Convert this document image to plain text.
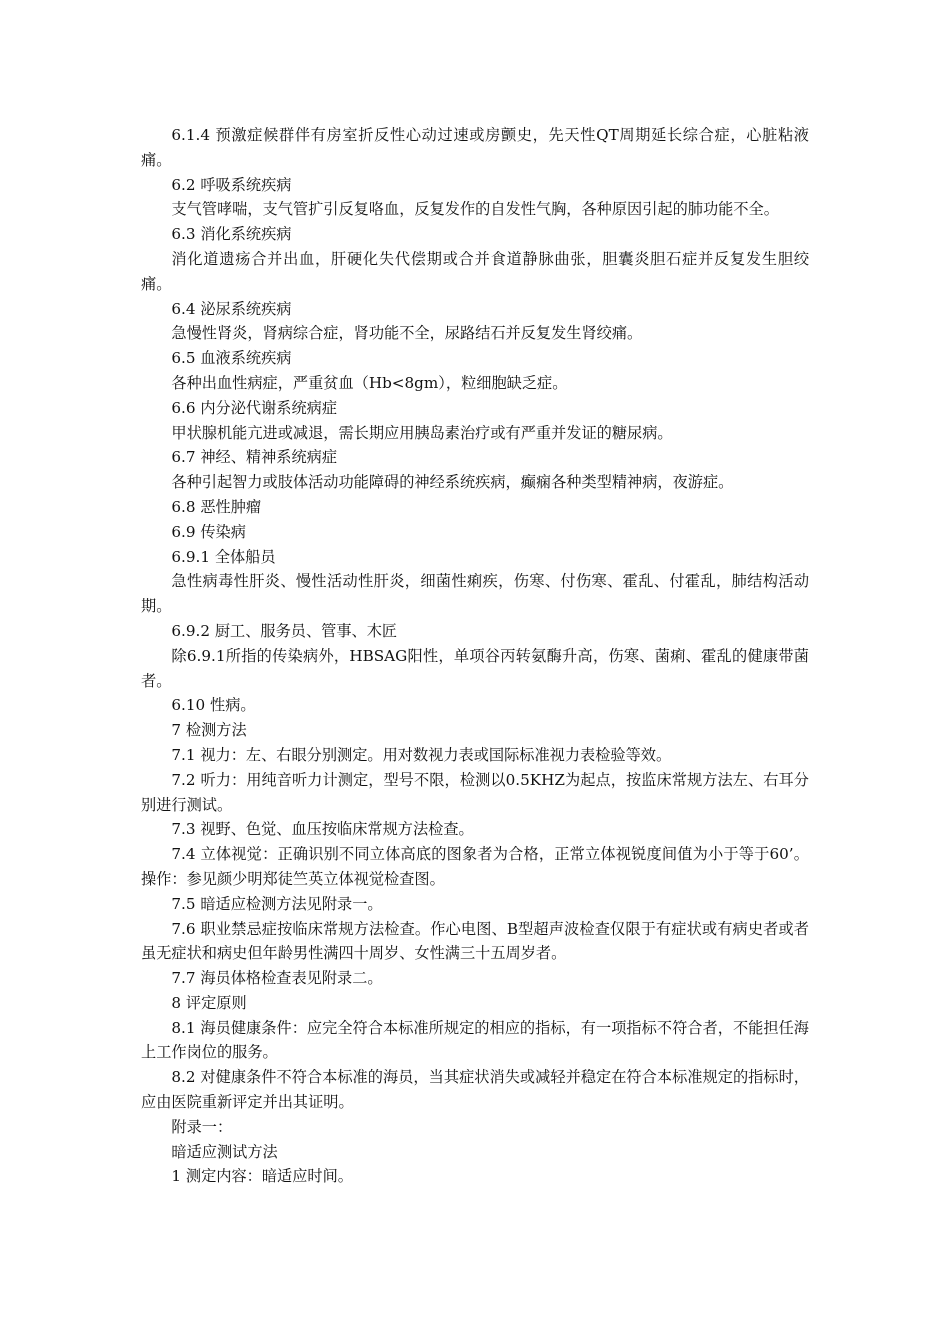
6.1.4 预激症候群伴有房室折反性心动过速或房颤史，先天性QT周期延长综合症，心脏粘液痛。

6.2 呼吸系统疾病

支气管哮喘，支气管扩引反复咯血，反复发作的自发性气胸，各种原因引起的肺功能不全。

6.3 消化系统疾病

消化道遗疡合并出血，肝硬化失代偿期或合并食道静脉曲张，胆囊炎胆石症并反复发生胆绞痛。

6.4 泌尿系统疾病

急慢性肾炎，肾病综合症，肾功能不全，尿路结石并反复发生肾绞痛。

6.5 血液系统疾病

各种出血性病症，严重贫血（Hb<8gm），粒细胞缺乏症。

6.6 内分泌代谢系统病症

甲状腺机能亢进或减退，需长期应用胰岛素治疗或有严重并发证的糖尿病。

6.7 神经、精神系统病症

各种引起智力或肢体活动功能障碍的神经系统疾病，癫痫各种类型精神病，夜游症。

6.8 恶性肿瘤

6.9 传染病

6.9.1 全体船员

急性病毒性肝炎、慢性活动性肝炎，细菌性痢疾，伤寒、付伤寒、霍乱、付霍乱，肺结构活动期。

6.9.2 厨工、服务员、管事、木匠

除6.9.1所指的传染病外，HBSAG阳性，单项谷丙转氨酶升高，伤寒、菌痢、霍乱的健康带菌者。

6.10 性病。

7 检测方法

7.1 视力：左、右眼分别测定。用对数视力表或国际标准视力表检验等效。

7.2 听力：用纯音听力计测定，型号不限，检测以0.5KHZ为起点，按监床常规方法左、右耳分别进行测试。

7.3 视野、色觉、血压按临床常规方法检查。

7.4 立体视觉：正确识别不同立体高底的图象者为合格，正常立体视锐度间值为小于等于60’。操作：参见颜少明郑徒竺英立体视觉检查图。

7.5 暗适应检测方法见附录一。

7.6 职业禁忌症按临床常规方法检查。作心电图、B型超声波检查仅限于有症状或有病史者或者虽无症状和病史但年龄男性满四十周岁、女性满三十五周岁者。

7.7 海员体格检查表见附录二。

8 评定原则

8.1 海员健康条件：应完全符合本标准所规定的相应的指标，有一项指标不符合者，不能担任海上工作岗位的服务。

8.2 对健康条件不符合本标准的海员，当其症状消失或减轻并稳定在符合本标准规定的指标时，应由医院重新评定并出其证明。

附录一：

暗适应测试方法

1 测定内容：暗适应时间。
